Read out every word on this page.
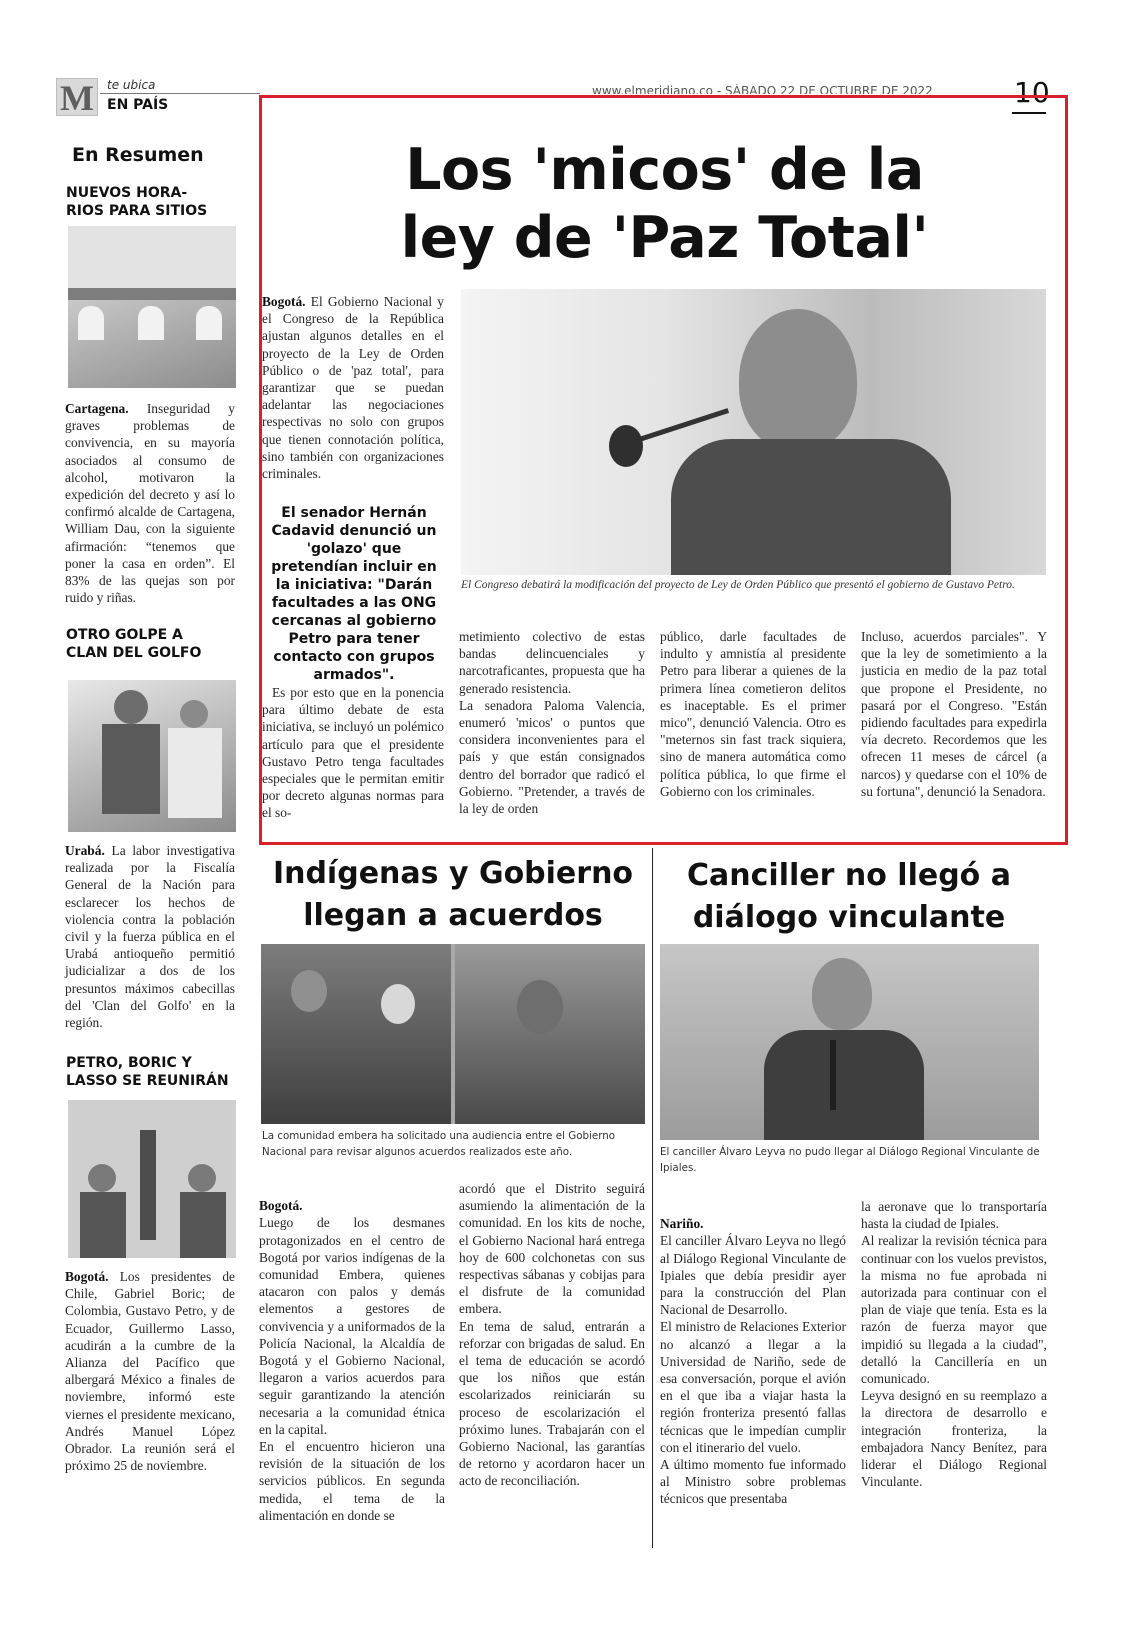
M	te ubica
EN PAÍS
www.elmeridiano.co - SÁBADO 22 DE OCTUBRE DE 2022	10
En Resumen
NUEVOS HORA-RIOS PARA SITIOS
Cartagena. Inseguridad y graves problemas de convivencia, en su mayoría asociados al consumo de alcohol, motivaron la expedición del decreto y así lo confirmó alcalde de Cartagena, William Dau, con la siguiente afirmación: “tenemos que poner la casa en orden”. El 83% de las quejas son por ruido y riñas.
OTRO GOLPE A CLAN DEL GOLFO
Urabá. La labor investigativa realizada por la Fiscalía General de la Nación para esclarecer los hechos de violencia contra la población civil y la fuerza pública en el Urabá antioqueño permitió judicializar a dos de los presuntos máximos cabecillas del 'Clan del Golfo' en la región.
PETRO, BORIC Y LASSO SE REUNIRÁN
Bogotá. Los presidentes de Chile, Gabriel Boric; de Colombia, Gustavo Petro, y de Ecuador, Guillermo Lasso, acudirán a la cumbre de la Alianza del Pacífico que albergará México a finales de noviembre, informó este viernes el presidente mexicano, Andrés Manuel López Obrador. La reunión será el próximo 25 de noviembre.
Los 'micos' de la
ley de 'Paz Total'
Bogotá. El Gobierno Nacional y el Congreso de la República ajustan algunos detalles en el proyecto de la Ley de Orden Público o de 'paz total', para garantizar que se puedan adelantar las negociaciones respectivas no solo con grupos que tienen connotación política, sino también con organizaciones criminales.
El senador Hernán Cadavid denunció un 'golazo' que pretendían incluir en la iniciativa: "Darán facultades a las ONG cercanas al gobierno Petro para tener contacto con grupos armados".
El Congreso debatirá la modificación del proyecto de Ley de Orden Público que presentó el gobierno de Gustavo Petro.
Es por esto que en la ponencia para último debate de esta iniciativa, se incluyó un polémico artículo para que el presidente Gustavo Petro tenga facultades especiales que le permitan emitir por decreto algunas normas para el so-
metimiento colectivo de estas bandas delincuenciales y narcotraficantes, propuesta que ha generado resistencia.
La senadora Paloma Valencia, enumeró 'micos' o puntos que considera inconvenientes para el país y que están consignados dentro del borrador que radicó el Gobierno. "Pretender, a través de la ley de orden
público, darle facultades de indulto y amnistía al presidente Petro para liberar a quienes de la primera línea cometieron delitos es inaceptable. Es el primer mico", denunció Valencia. Otro es "meternos sin fast track siquiera, sino de manera automática como política pública, lo que firme el Gobierno con los criminales.
Incluso, acuerdos parciales". Y que la ley de sometimiento a la justicia en medio de la paz total que propone el Presidente, no pasará por el Congreso. "Están pidiendo facultades para expedirla vía decreto. Recordemos que les ofrecen 11 meses de cárcel (a narcos) y quedarse con el 10% de su fortuna", denunció la Senadora.
Indígenas y Gobierno
llegan a acuerdos
La comunidad embera ha solicitado una audiencia entre el Gobierno Nacional para revisar algunos acuerdos realizados este año.

Bogotá.
Luego de los desmanes protagonizados en el centro de Bogotá por varios indígenas de la comunidad Embera, quienes atacaron con palos y demás elementos a gestores de convivencia y a uniformados de la Policía Nacional, la Alcaldía de Bogotá y el Gobierno Nacional, llegaron a varios acuerdos para seguir garantizando la atención necesaria a la comunidad étnica en la capital.
En el encuentro hicieron una revisión de la situación de los servicios públicos. En segunda medida, el tema de la alimentación en donde se

acordó que el Distrito seguirá asumiendo la alimentación de la comunidad. En los kits de noche, el Gobierno Nacional hará entrega hoy de 600 colchonetas con sus respectivas sábanas y cobijas para el disfrute de la comunidad embera.
En tema de salud, entrarán a reforzar con brigadas de salud. En el tema de educación se acordó que los niños que están escolarizados reiniciarán su proceso de escolarización el próximo lunes. Trabajarán con el Gobierno Nacional, las garantías de retorno y acordaron hacer un acto de reconciliación.
Canciller no llegó a
diálogo vinculante
El canciller Álvaro Leyva no pudo llegar al Diálogo Regional Vinculante de Ipiales.

Nariño.
El canciller Álvaro Leyva no llegó al Diálogo Regional Vinculante de Ipiales que debía presidir ayer para la construcción del Plan Nacional de Desarrollo.
El ministro de Relaciones Exterior no alcanzó a llegar a la Universidad de Nariño, sede de esa conversación, porque el avión en el que iba a viajar hasta la región fronteriza presentó fallas técnicas que le impedían cumplir con el itinerario del vuelo.
A último momento fue informado al Ministro sobre problemas técnicos que presentaba

la aeronave que lo transportaría hasta la ciudad de Ipiales.
Al realizar la revisión técnica para continuar con los vuelos previstos, la misma no fue aprobada ni autorizada para continuar con el plan de viaje que tenía. Esta es la razón de fuerza mayor que impidió su llegada a la ciudad", detalló la Cancillería en un comunicado.
Leyva designó en su reemplazo a la directora de desarrollo e integración fronteriza, la embajadora Nancy Benítez, para liderar el Diálogo Regional Vinculante.
